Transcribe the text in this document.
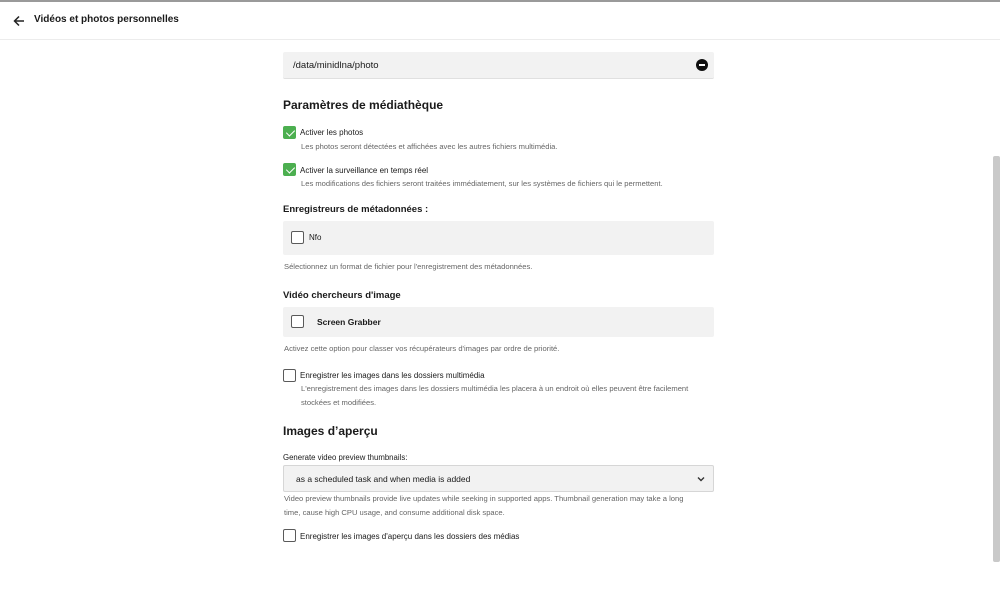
Vidéos et photos personnelles
/data/minidlna/photo
Paramètres de médiathèque
Activer les photos
Les photos seront détectées et affichées avec les autres fichiers multimédia.
Activer la surveillance en temps réel
Les modifications des fichiers seront traitées immédiatement, sur les systèmes de fichiers qui le permettent.
Enregistreurs de métadonnées :
Nfo
Sélectionnez un format de fichier pour l'enregistrement des métadonnées.
Vidéo chercheurs d'image
Screen Grabber
Activez cette option pour classer vos récupérateurs d'images par ordre de priorité.
Enregistrer les images dans les dossiers multimédia
L'enregistrement des images dans les dossiers multimédia les placera à un endroit où elles peuvent être facilement
stockées et modifiées.
Images d’aperçu
Generate video preview thumbnails:
as a scheduled task and when media is added
Video preview thumbnails provide live updates while seeking in supported apps. Thumbnail generation may take a long
time, cause high CPU usage, and consume additional disk space.
Enregistrer les images d'aperçu dans les dossiers des médias
